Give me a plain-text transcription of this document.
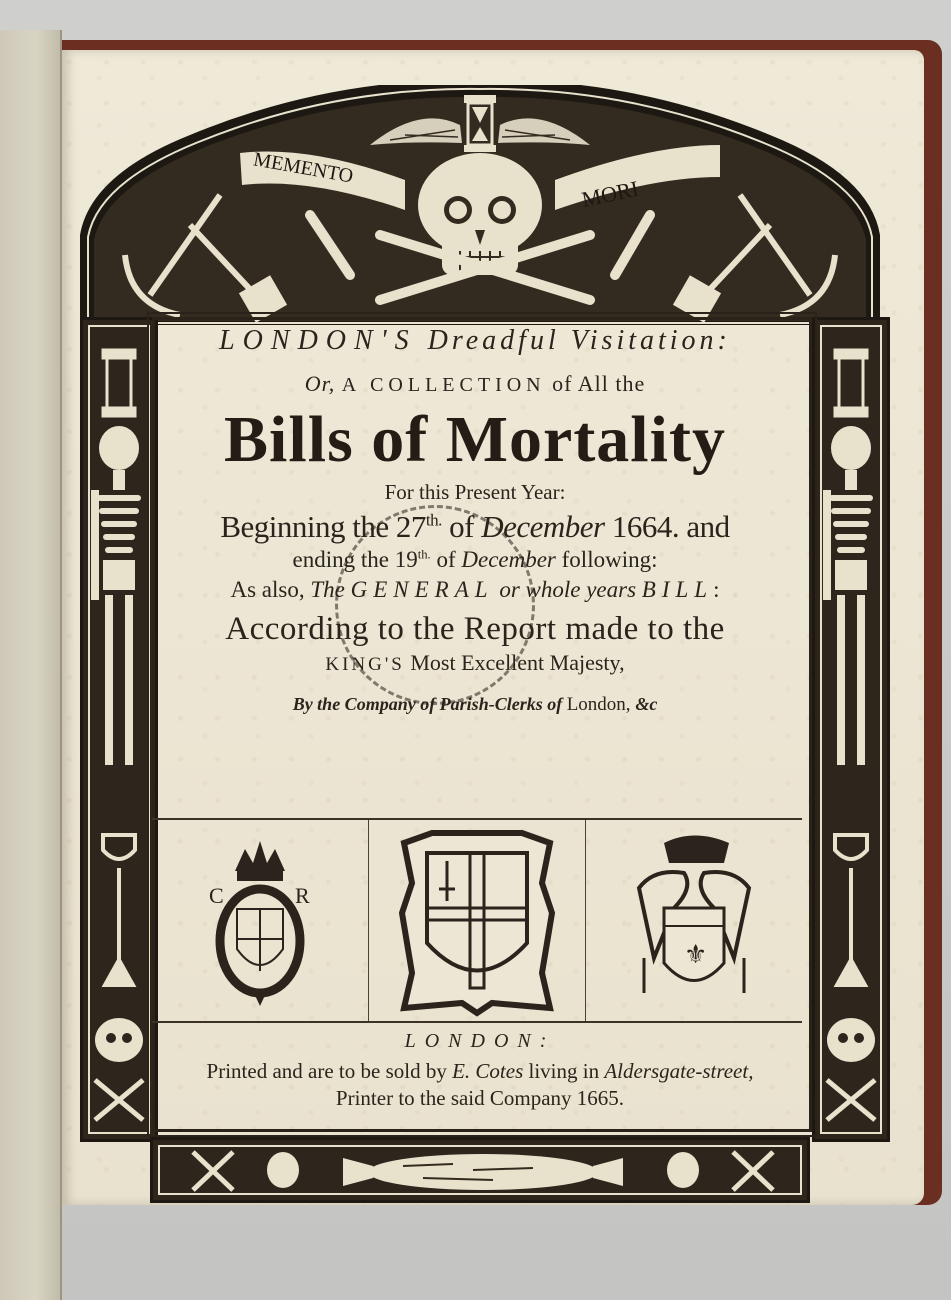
MEMENTO
MORI
LONDON'S Dreadful Visitation:
Or, A COLLECTION of All the
Bills of Mortality
For this Present Year:
Beginning the $27^{th.}$ of December 1664. and
ending the $19^{th.}$ of December following:
As also, The GENERAL or whole years BILL:
According to the Report made to the
KING'S Most Excellent Majesty,
By the Company of Parish-Clerks of London, &c
C	R
⚜
LONDON:
Printed and are to be sold by E. Cotes living in Aldersgate-street,
Printer to the said Company 1665.
